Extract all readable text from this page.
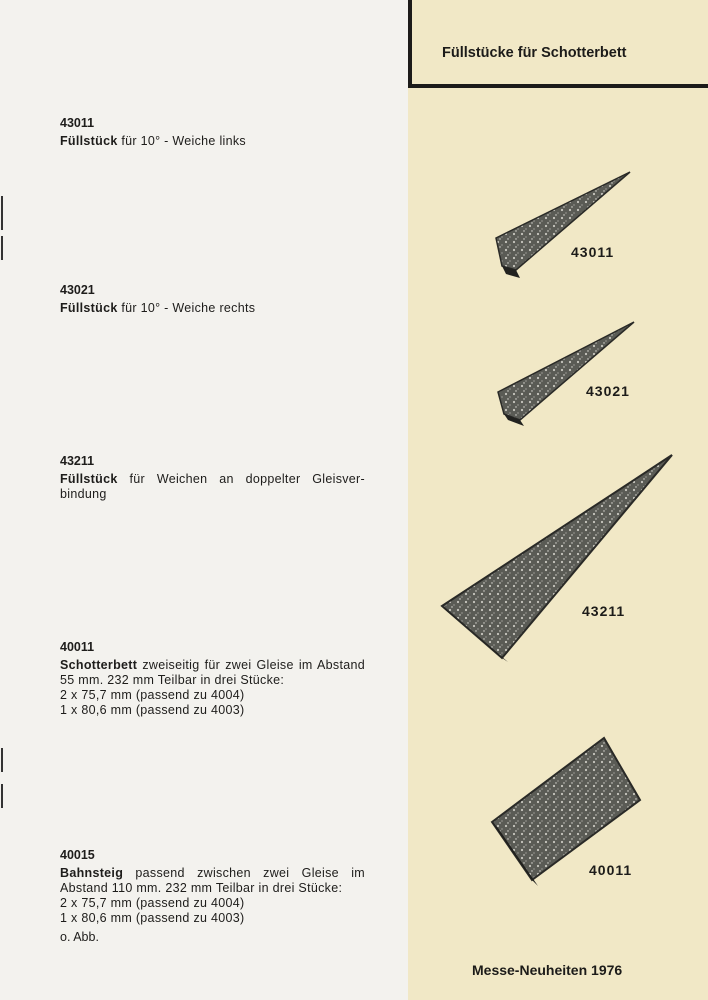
Füllstücke für Schotterbett
43011
Füllstück für 10° - Weiche links
43021
Füllstück für 10° - Weiche rechts
43211
Füllstück für Weichen an doppelter Gleisver-bindung
40011
Schotterbett zweiseitig für zwei Gleise im Abstand 55 mm. 232 mm Teilbar in drei Stücke:
2 x 75,7 mm (passend zu 4004)
1 x 80,6 mm (passend zu 4003)
40015
Bahnsteig passend zwischen zwei Gleise im Abstand 110 mm. 232 mm Teilbar in drei Stücke:
2 x 75,7 mm (passend zu 4004)
1 x 80,6 mm (passend zu 4003)
o. Abb.
43011
43021
43211
40011
Messe-Neuheiten 1976
